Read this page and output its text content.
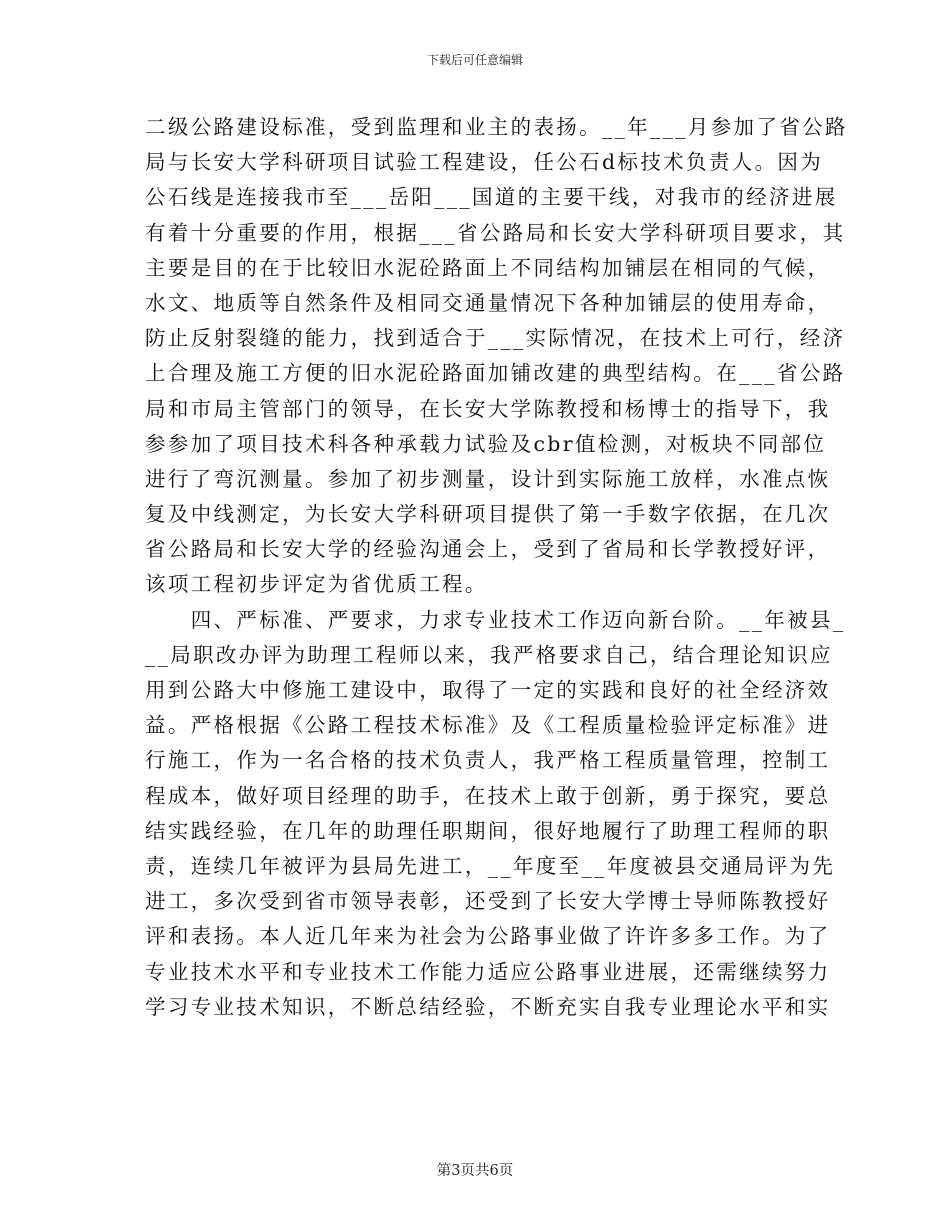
下载后可任意编辑
二级公路建设标准，受到监理和业主的表扬。__年___月参加了省公路
局与长安大学科研项目试验工程建设，任公石d标技术负责人。因为
公石线是连接我市至___岳阳___国道的主要干线，对我市的经济进展
有着十分重要的作用，根据___省公路局和长安大学科研项目要求，其
主要是目的在于比较旧水泥砼路面上不同结构加铺层在相同的气候，
水文、地质等自然条件及相同交通量情况下各种加铺层的使用寿命，
防止反射裂缝的能力，找到适合于___实际情况，在技术上可行，经济
上合理及施工方便的旧水泥砼路面加铺改建的典型结构。在___省公路
局和市局主管部门的领导，在长安大学陈教授和杨博士的指导下，我
参参加了项目技术科各种承载力试验及cbr值检测，对板块不同部位
进行了弯沉测量。参加了初步测量，设计到实际施工放样，水准点恢
复及中线测定，为长安大学科研项目提供了第一手数字依据，在几次
省公路局和长安大学的经验沟通会上，受到了省局和长学教授好评，
该项工程初步评定为省优质工程。
　　四、严标准、严要求，力求专业技术工作迈向新台阶。__年被县_
__局职改办评为助理工程师以来，我严格要求自己，结合理论知识应
用到公路大中修施工建设中，取得了一定的实践和良好的社全经济效
益。严格根据《公路工程技术标准》及《工程质量检验评定标准》进
行施工，作为一名合格的技术负责人，我严格工程质量管理，控制工
程成本，做好项目经理的助手，在技术上敢于创新，勇于探究，要总
结实践经验，在几年的助理任职期间，很好地履行了助理工程师的职
责，连续几年被评为县局先进工，__年度至__年度被县交通局评为先
进工，多次受到省市领导表彰，还受到了长安大学博士导师陈教授好
评和表扬。本人近几年来为社会为公路事业做了许许多多工作。为了
专业技术水平和专业技术工作能力适应公路事业进展，还需继续努力
学习专业技术知识，不断总结经验，不断充实自我专业理论水平和实
第3页共6页
